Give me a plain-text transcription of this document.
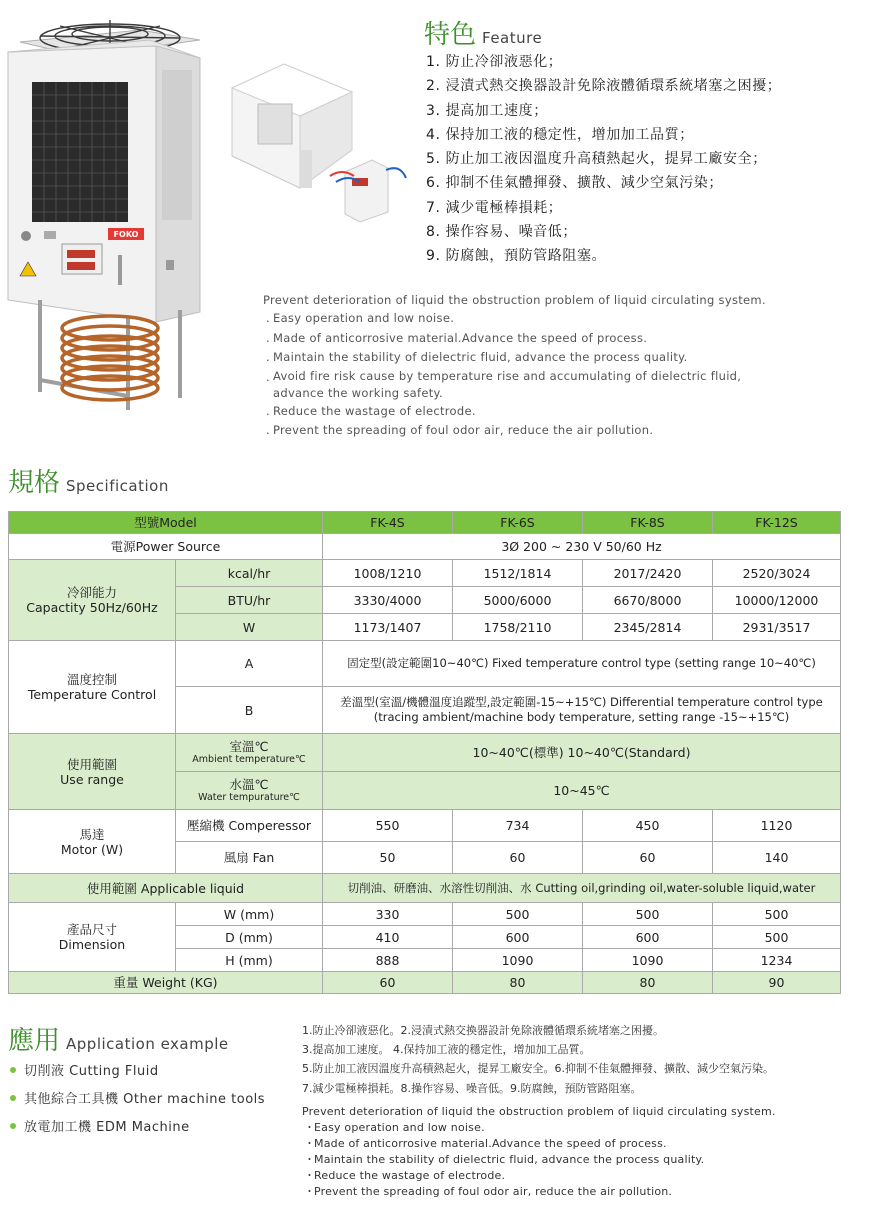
FOKO
特色 Feature
1. 防止冷卻液惡化；
2. 浸漬式熱交換器設計免除液體循環系統堵塞之困擾；
3. 提高加工速度；
4. 保持加工液的穩定性，增加加工品質；
5. 防止加工液因溫度升高積熱起火，提昇工廠安全；
6. 抑制不佳氣體揮發、擴散、減少空氣污染；
7. 減少電極棒損耗；
8. 操作容易、噪音低；
9. 防腐蝕，預防管路阻塞。

Prevent deterioration of liquid the obstruction problem of liquid circulating system.

. Easy operation and low noise.
. Made of anticorrosive material.Advance the speed of process.
. Maintain the stability of dielectric fluid, advance the process quality.
. Avoid fire risk cause by temperature rise and accumulating of dielectric fluid,
advance the working safety.
. Reduce the wastage of electrode.
. Prevent the spreading of foul odor air, reduce the air pollution.
規格 Specification
型號Model		FK-4S	FK-6S	FK-8S	FK-12S
電源Power Source		3Ø 200 ~ 230 V 50/60 Hz			
冷卻能力
Capactity 50Hz/60Hz	kcal/hr	1008/1210	1512/1814	2017/2420	2520/3024
	BTU/hr	3330/4000	5000/6000	6670/8000	10000/12000
	W	1173/1407	1758/2110	2345/2814	2931/3517
溫度控制
Temperature Control	A	固定型(設定範圍10~40℃) Fixed temperature control type (setting range 10~40℃)			
	B	差溫型(室溫/機體溫度追蹤型,設定範圍-15~+15℃) Differential temperature control type
(tracing ambient/machine body temperature, setting range -15~+15℃)			
使用範圍
Use range	室溫℃
Ambient temperature℃	10~40℃(標準) 10~40℃(Standard)			
	水溫℃
Water tempurature℃	10~45℃			
馬達
Motor (W)	壓縮機 Comperessor	550	734	450	1120
	風扇 Fan	50	60	60	140
使用範圍 Applicable liquid		切削油、研磨油、水溶性切削油、水 Cutting oil,grinding oil,water-soluble liquid,water			
產品尺寸
Dimension	W (mm)	330	500	500	500
	D (mm)	410	600	600	500
	H (mm)	888	1090	1090	1234
重量 Weight (KG)		60	80	80	90
應用 Application example
切削液 Cutting Fluid
其他綜合工具機 Other machine tools
放電加工機 EDM Machine
1.防止冷卻液惡化。2.浸漬式熱交換器設計免除液體循環系統堵塞之困擾。
3.提高加工速度。 4.保持加工液的穩定性，增加加工品質。
5.防止加工液因溫度升高積熱起火，提昇工廠安全。6.抑制不佳氣體揮發、擴散、減少空氣污染。
7.減少電極棒損耗。8.操作容易、噪音低。9.防腐蝕，預防管路阻塞。

Prevent deterioration of liquid the obstruction problem of liquid circulating system.

・
Easy operation and low noise.
・
Made of anticorrosive material.Advance the speed of process.
・
Maintain the stability of dielectric fluid, advance the process quality.
・
Reduce the wastage of electrode.
・
Prevent the spreading of foul odor air, reduce the air pollution.
